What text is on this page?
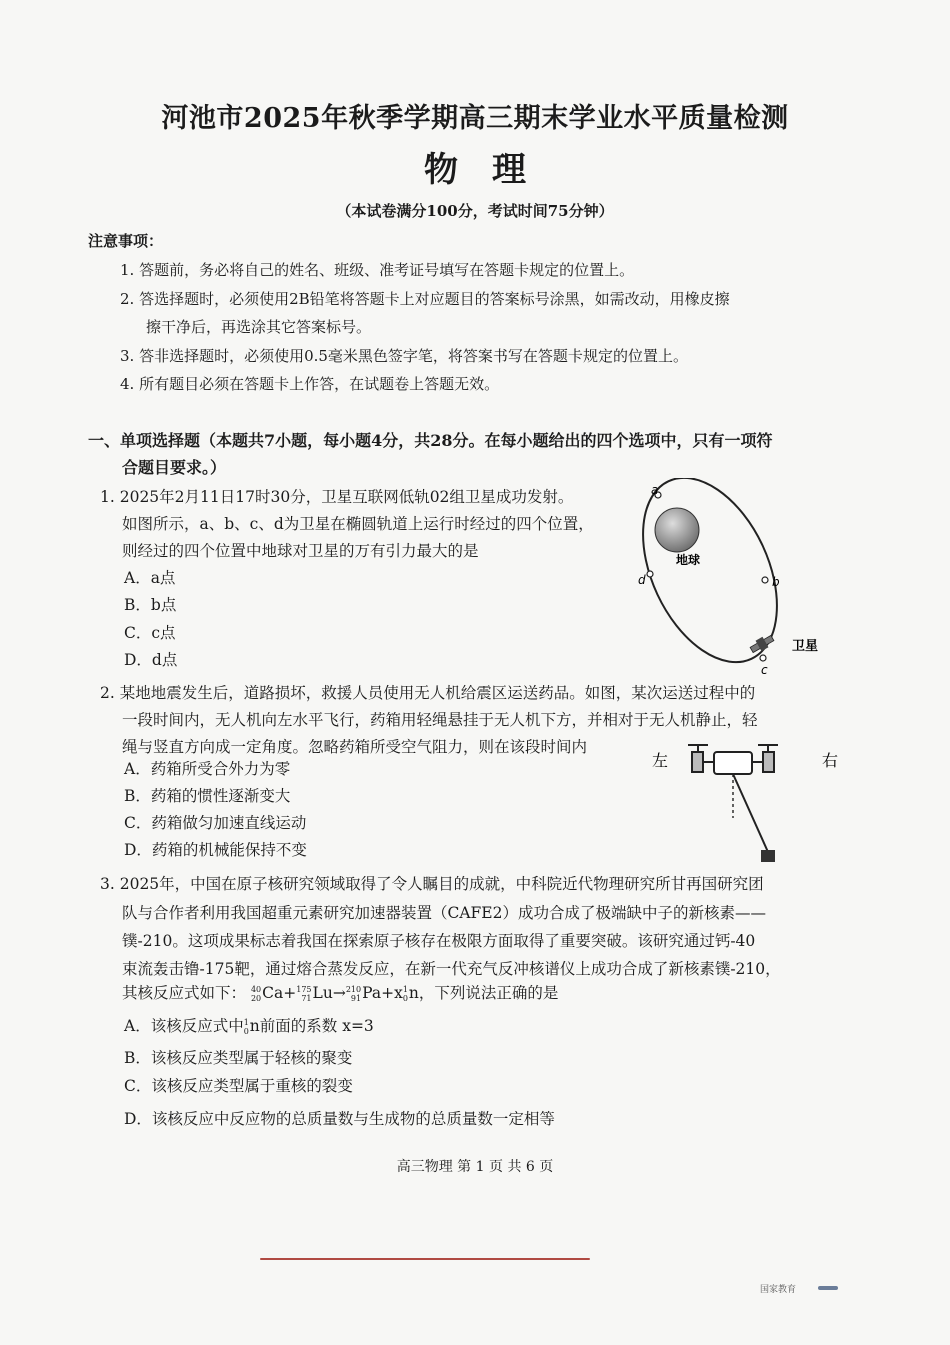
河池市2025年秋季学期高三期末学业水平质量检测
物理
（本试卷满分100分，考试时间75分钟）
注意事项：
1. 答题前，务必将自己的姓名、班级、准考证号填写在答题卡规定的位置上。
2. 答选择题时，必须使用2B铅笔将答题卡上对应题目的答案标号涂黑，如需改动，用橡皮擦
擦干净后，再选涂其它答案标号。
3. 答非选择题时，必须使用0.5毫米黑色签字笔，将答案书写在答题卡规定的位置上。
4. 所有题目必须在答题卡上作答，在试题卷上答题无效。
一、单项选择题（本题共7小题，每小题4分，共28分。在每小题给出的四个选项中，只有一项符
合题目要求。）
1. 2025年2月11日17时30分，卫星互联网低轨02组卫星成功发射。
如图所示，a、b、c、d为卫星在椭圆轨道上运行时经过的四个位置，
则经过的四个位置中地球对卫星的万有引力最大的是
A．a点
B．b点
C．c点
D．d点
地球
a
b
c
d
卫星
2. 某地地震发生后，道路损坏，救援人员使用无人机给震区运送药品。如图，某次运送过程中的
一段时间内，无人机向左水平飞行，药箱用轻绳悬挂于无人机下方，并相对于无人机静止，轻
绳与竖直方向成一定角度。忽略药箱所受空气阻力，则在该段时间内
A．药箱所受合外力为零
B．药箱的惯性逐渐变大
C．药箱做匀加速直线运动
D．药箱的机械能保持不变
左	右
3. 2025年，中国在原子核研究领域取得了令人瞩目的成就，中科院近代物理研究所甘再国研究团
队与合作者利用我国超重元素研究加速器装置（CAFE2）成功合成了极端缺中子的新核素——
镤-210。这项成果标志着我国在探索原子核存在极限方面取得了重要突破。该研究通过钙-40
束流轰击镥-175靶，通过熔合蒸发反应，在新一代充气反冲核谱仪上成功合成了新核素镤-210，
其核反应式如下： 40
20 Ca+ 175
71 Lu→ 210
91 Pa+x 1
0 n，下列说法正确的是
A．该核反应式中 1
0 n前面的系数 x=3
B．该核反应类型属于轻核的聚变
C．该核反应类型属于重核的裂变
D．该核反应中反应物的总质量数与生成物的总质量数一定相等
高三物理 第 1 页 共 6 页
国家教育
